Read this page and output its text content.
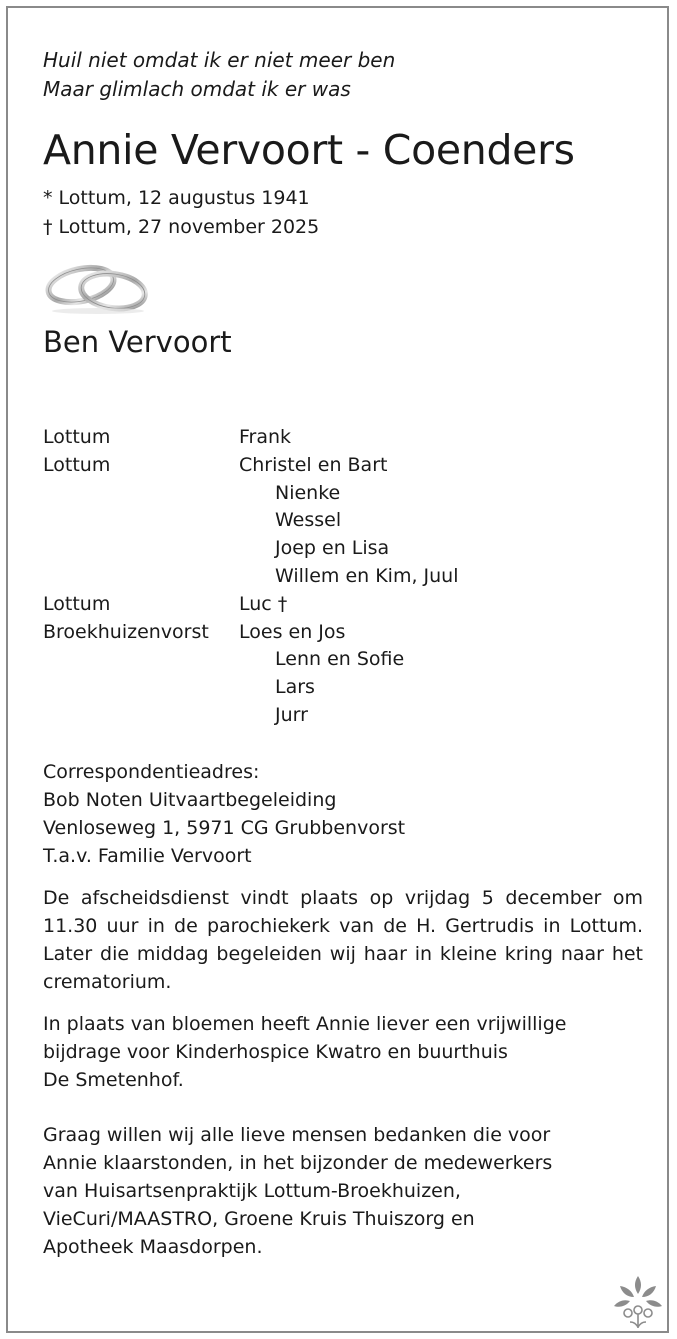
Huil niet omdat ik er niet meer ben
Maar glimlach omdat ik er was
Annie Vervoort - Coenders
* Lottum, 12 augustus 1941
† Lottum, 27 november 2025
Ben Vervoort
Lottum	Frank
Lottum	Christel en Bart
Nienke
Wessel
Joep en Lisa
Willem en Kim, Juul
Lottum	Luc †
Broekhuizenvorst Loes en Jos
Lenn en Sofie
Lars
Jurr

Correspondentieadres:

Bob Noten Uitvaartbegeleiding

Venloseweg 1, 5971 CG Grubbenvorst

T.a.v. Familie Vervoort

De afscheidsdienst vindt plaats op vrijdag 5 december om 11.30 uur in de parochiekerk van de H. Gertrudis in Lottum. Later die middag begeleiden wij haar in kleine kring naar het crematorium.

In plaats van bloemen heeft Annie liever een vrijwillige

bijdrage voor Kinderhospice Kwatro en buurthuis

De Smetenhof.

Graag willen wij alle lieve mensen bedanken die voor

Annie klaarstonden, in het bijzonder de medewerkers

van Huisartsenpraktijk Lottum-Broekhuizen,

VieCuri/MAASTRO, Groene Kruis Thuiszorg en

Apotheek Maasdorpen.
